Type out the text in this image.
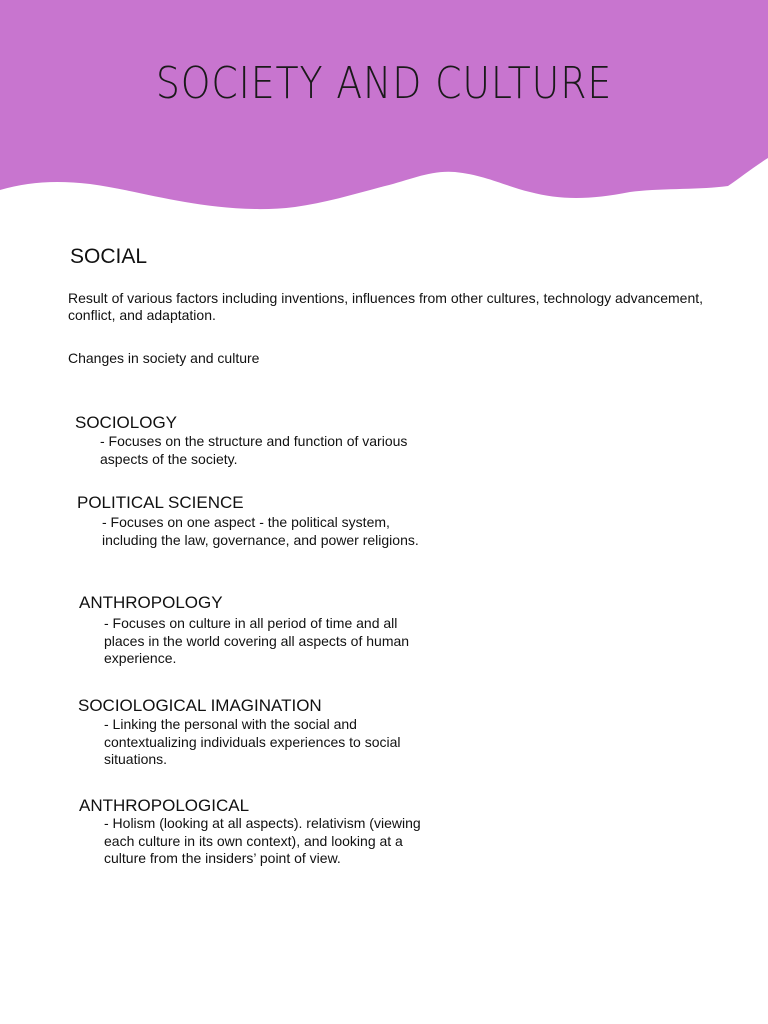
SOCIETY AND CULTURE
SOCIAL
Result of various factors including inventions, influences from other cultures, technology advancement, conflict, and adaptation.
Changes in society and culture
SOCIOLOGY
- Focuses on the structure and function of various aspects of the society.
POLITICAL SCIENCE
- Focuses on one aspect - the political system, including the law, governance, and power religions.
ANTHROPOLOGY
- Focuses on culture in all period of time and all places in the world covering all aspects of human experience.
SOCIOLOGICAL IMAGINATION
- Linking the personal with the social and contextualizing individuals experiences to social situations.
ANTHROPOLOGICAL
- Holism (looking at all aspects). relativism (viewing each culture in its own context), and looking at a culture from the insiders’ point of view.
